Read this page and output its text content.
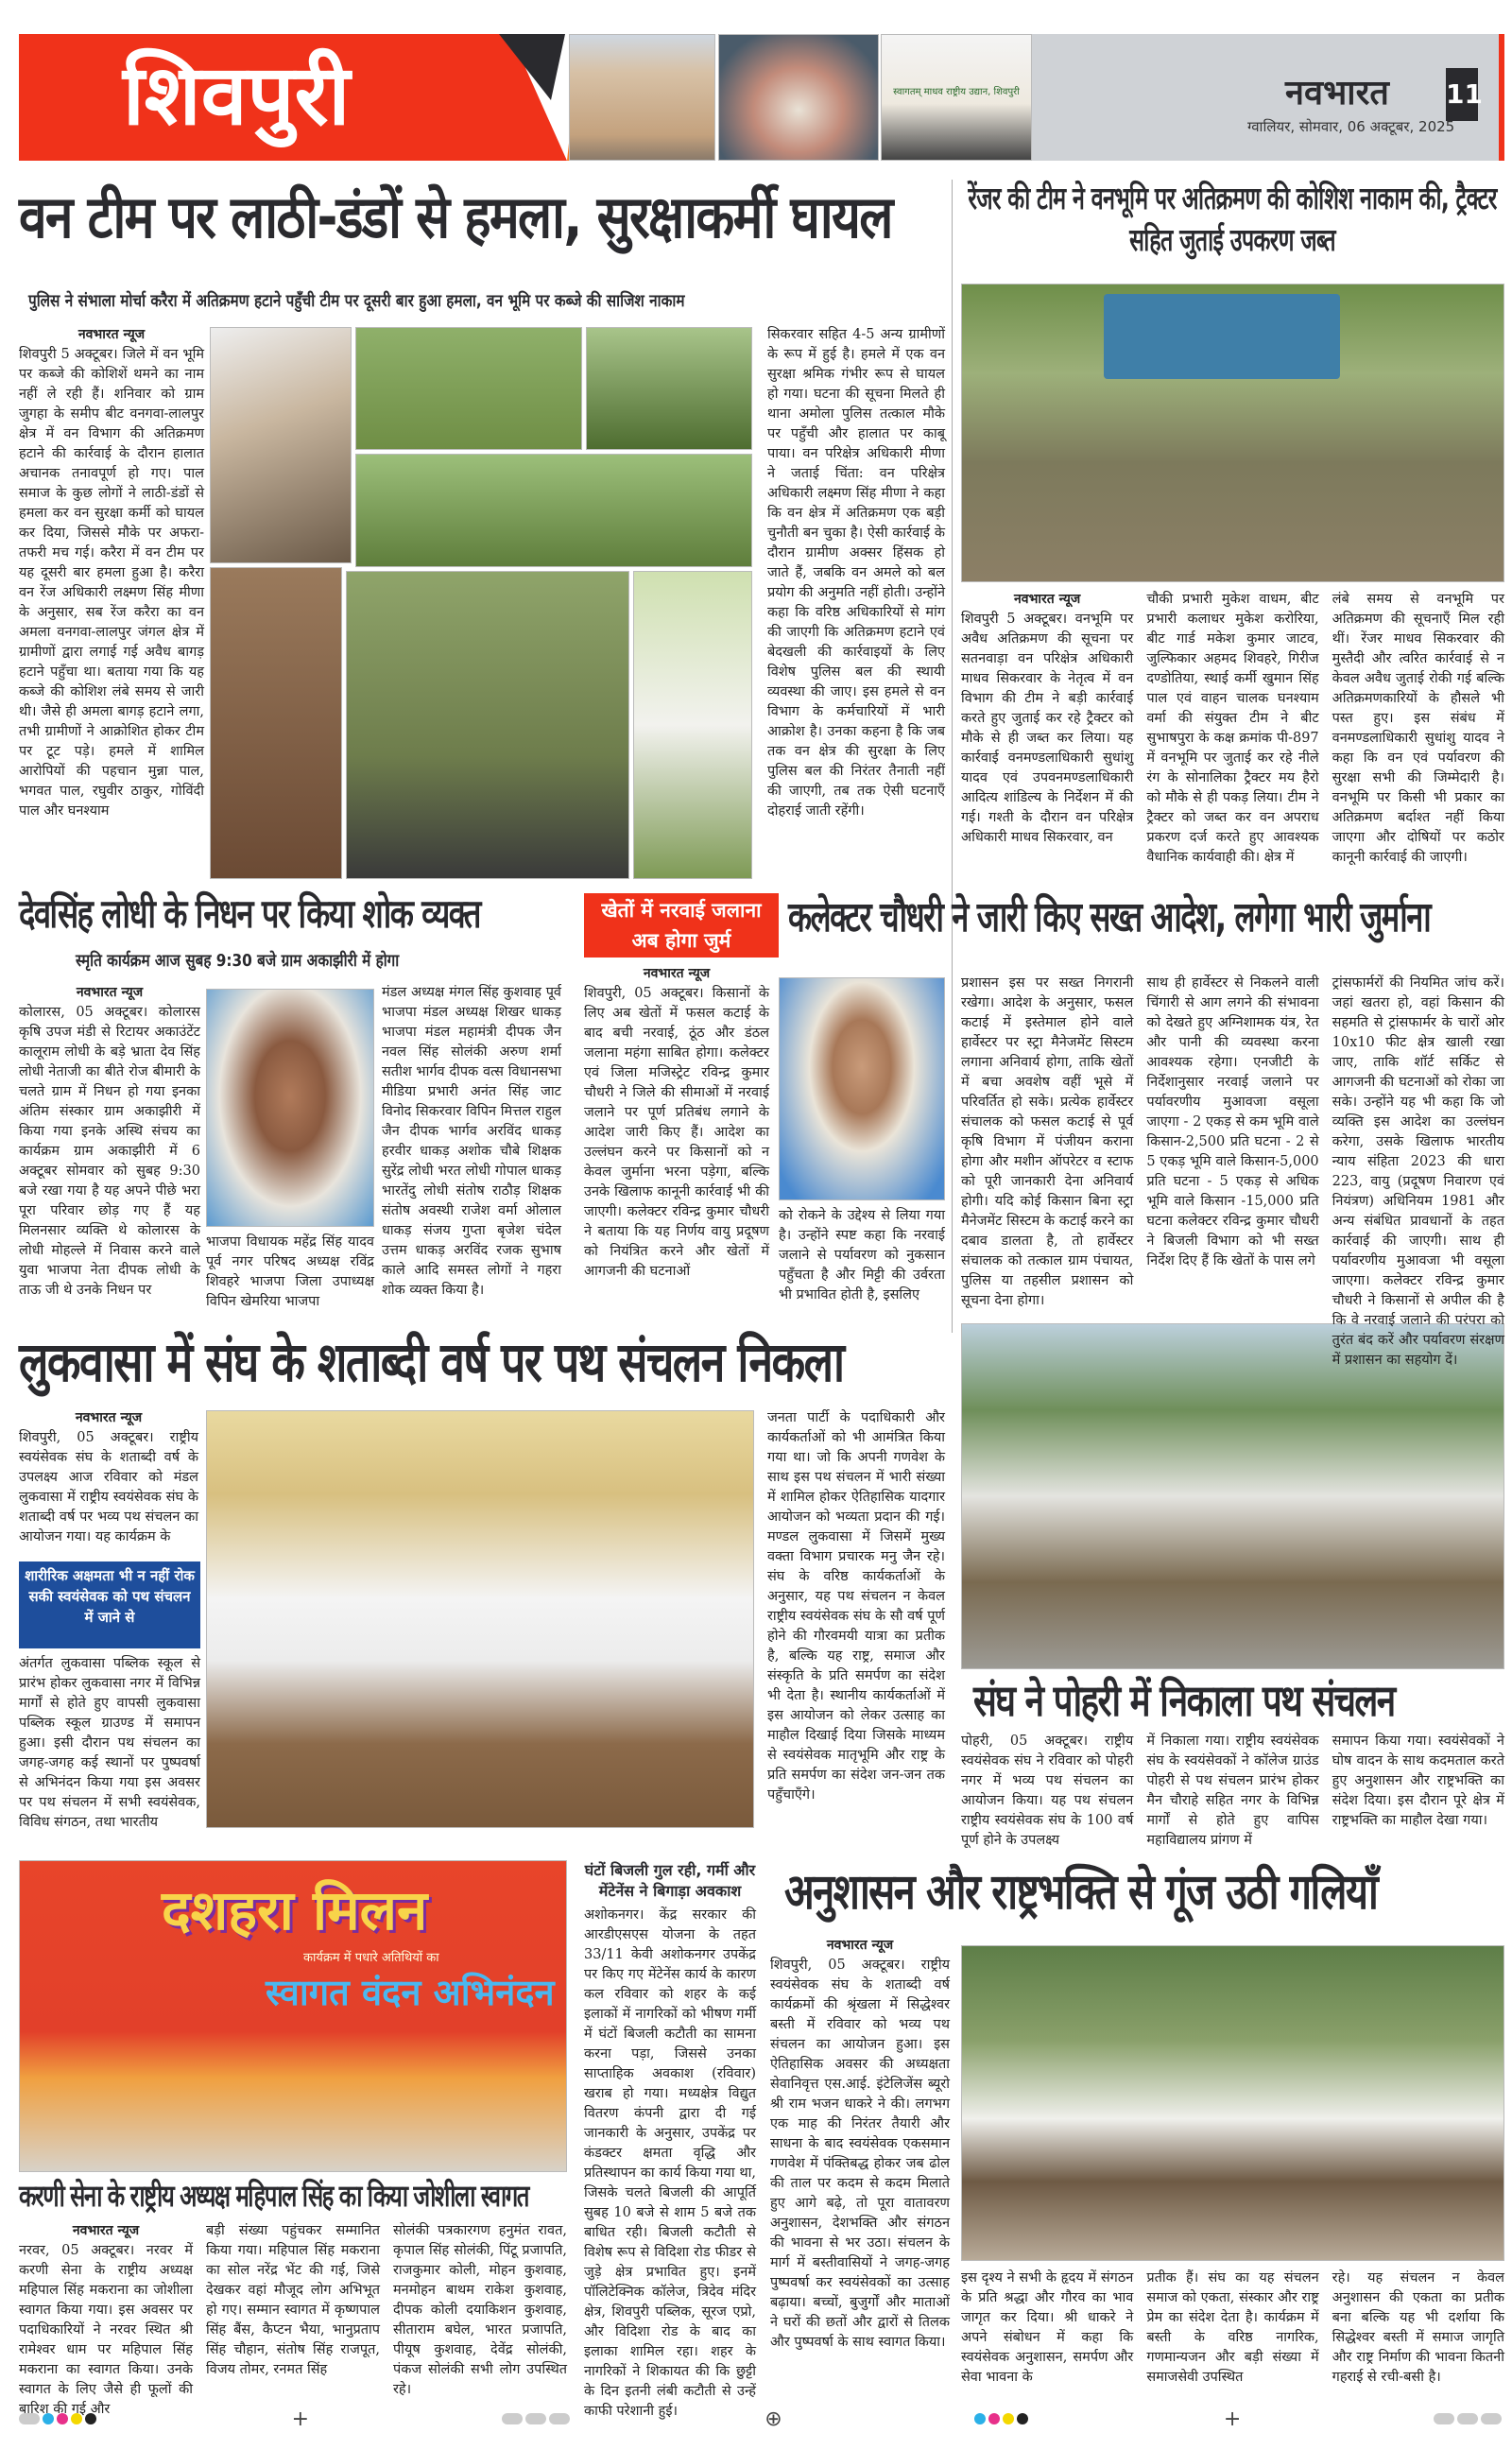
शिवपुरी	स्वागतम् माधव राष्ट्रीय उद्यान, शिवपुरी	नवभारत 11
ग्वालियर, सोमवार, 06 अक्टूबर, 2025
वन टीम पर लाठी-डंडों से हमला, सुरक्षाकर्मी घायल
पुलिस ने संभाला मोर्चा करैरा में अतिक्रमण हटाने पहुँची टीम पर दूसरी बार हुआ हमला, वन भूमि पर कब्जे की साजिश नाकाम
नवभारत न्यूज
शिवपुरी 5 अक्टूबर। जिले में वन भूमि पर कब्जे की कोशिशें थमने का नाम नहीं ले रही हैं। शनिवार को ग्राम जुगहा के समीप बीट वनगवा-लालपुर क्षेत्र में वन विभाग की अतिक्रमण हटाने की कार्रवाई के दौरान हालात अचानक तनावपूर्ण हो गए। पाल समाज के कुछ लोगों ने लाठी-डंडों से हमला कर वन सुरक्षा कर्मी को घायल कर दिया, जिससे मौके पर अफरा-तफरी मच गई। करैरा में वन टीम पर यह दूसरी बार हमला हुआ है। करैरा वन रेंज अधिकारी लक्ष्मण सिंह मीणा के अनुसार, सब रेंज करैरा का वन अमला वनगवा-लालपुर जंगल क्षेत्र में ग्रामीणों द्वारा लगाई गई अवैध बागड़ हटाने पहुँचा था। बताया गया कि यह कब्जे की कोशिश लंबे समय से जारी थी। जैसे ही अमला बागड़ हटाने लगा, तभी ग्रामीणों ने आक्रोशित होकर टीम पर टूट पड़े। हमले में शामिल आरोपियों की पहचान मुन्ना पाल, भगवत पाल, रघुवीर ठाकुर, गोविंदी पाल और घनश्याम
सिकरवार सहित 4-5 अन्य ग्रामीणों के रूप में हुई है। हमले में एक वन सुरक्षा श्रमिक गंभीर रूप से घायल हो गया। घटना की सूचना मिलते ही थाना अमोला पुलिस तत्काल मौके पर पहुँची और हालात पर काबू पाया। वन परिक्षेत्र अधिकारी मीणा ने जताई चिंता: वन परिक्षेत्र अधिकारी लक्ष्मण सिंह मीणा ने कहा कि वन क्षेत्र में अतिक्रमण एक बड़ी चुनौती बन चुका है। ऐसी कार्रवाई के दौरान ग्रामीण अक्सर हिंसक हो जाते हैं, जबकि वन अमले को बल प्रयोग की अनुमति नहीं होती। उन्होंने कहा कि वरिष्ठ अधिकारियों से मांग की जाएगी कि अतिक्रमण हटाने एवं बेदखली की कार्रवाइयों के लिए विशेष पुलिस बल की स्थायी व्यवस्था की जाए। इस हमले से वन विभाग के कर्मचारियों में भारी आक्रोश है। उनका कहना है कि जब तक वन क्षेत्र की सुरक्षा के लिए पुलिस बल की निरंतर तैनाती नहीं की जाएगी, तब तक ऐसी घटनाएँ दोहराई जाती रहेंगी।
रेंजर की टीम ने वनभूमि पर अतिक्रमण की कोशिश नाकाम की, ट्रैक्टर सहित जुताई उपकरण जब्त
नवभारत न्यूज
शिवपुरी 5 अक्टूबर। वनभूमि पर अवैध अतिक्रमण की सूचना पर सतनवाड़ा वन परिक्षेत्र अधिकारी माधव सिकरवार के नेतृत्व में वन विभाग की टीम ने बड़ी कार्रवाई करते हुए जुताई कर रहे ट्रैक्टर को मौके से ही जब्त कर लिया। यह कार्रवाई वनमण्डलाधिकारी सुधांशु यादव एवं उपवनमण्डलाधिकारी आदित्य शांडिल्य के निर्देशन में की गई। गश्ती के दौरान वन परिक्षेत्र अधिकारी माधव सिकरवार, वन
चौकी प्रभारी मुकेश वाधम, बीट प्रभारी कलाधर मुकेश करोरिया, बीट गार्ड मकेश कुमार जाटव, जुल्फिकार अहमद शिवहरे, गिरीज दण्डोतिया, स्थाई कर्मी खुमान सिंह पाल एवं वाहन चालक घनश्याम वर्मा की संयुक्त टीम ने बीट सुभाषपुरा के कक्ष क्रमांक पी-897 में वनभूमि पर जुताई कर रहे नीले रंग के सोनालिका ट्रैक्टर मय हैरो को मौके से ही पकड़ लिया। टीम ने ट्रैक्टर को जब्त कर वन अपराध प्रकरण दर्ज करते हुए आवश्यक वैधानिक कार्यवाही की। क्षेत्र में
लंबे समय से वनभूमि पर अतिक्रमण की सूचनाएँ मिल रही थीं। रेंजर माधव सिकरवार की मुस्तैदी और त्वरित कार्रवाई से न केवल अवैध जुताई रोकी गई बल्कि अतिक्रमणकारियों के हौसले भी पस्त हुए। इस संबंध में वनमण्डलाधिकारी सुधांशु यादव ने कहा कि वन एवं पर्यावरण की सुरक्षा सभी की जिम्मेदारी है। वनभूमि पर किसी भी प्रकार का अतिक्रमण बर्दाश्त नहीं किया जाएगा और दोषियों पर कठोर कानूनी कार्रवाई की जाएगी।
देवसिंह लोधी के निधन पर किया शोक व्यक्त
स्मृति कार्यक्रम आज सुबह 9:30 बजे ग्राम अकाझीरी में होगा
नवभारत न्यूज
कोलारस, 05 अक्टूबर। कोलारस कृषि उपज मंडी से रिटायर अकाउंटेंट कालूराम लोधी के बड़े भ्राता देव सिंह लोधी नेताजी का बीते रोज बीमारी के चलते ग्राम में निधन हो गया इनका अंतिम संस्कार ग्राम अकाझीरी में किया गया इनके अस्थि संचय का कार्यक्रम ग्राम अकाझीरी में 6 अक्टूबर सोमवार को सुबह 9:30 बजे रखा गया है यह अपने पीछे भरा पूरा परिवार छोड़ गए हैं यह मिलनसार व्यक्ति थे कोलारस के लोधी मोहल्ले में निवास करने वाले युवा भाजपा नेता दीपक लोधी के ताऊ जी थे उनके निधन पर
भाजपा विधायक महेंद्र सिंह यादव पूर्व नगर परिषद अध्यक्ष रविंद्र शिवहरे भाजपा जिला उपाध्यक्ष विपिन खेमरिया भाजपा
मंडल अध्यक्ष मंगल सिंह कुशवाह पूर्व भाजपा मंडल अध्यक्ष शिखर धाकड़ भाजपा मंडल महामंत्री दीपक जैन नवल सिंह सोलंकी अरुण शर्मा सतीश भार्गव दीपक वत्स विधानसभा मीडिया प्रभारी अनंत सिंह जाट विनोद सिकरवार विपिन मित्तल राहुल जैन दीपक भार्गव अरविंद धाकड़ हरवीर धाकड़ अशोक चौबे शिक्षक सुरेंद्र लोधी भरत लोधी गोपाल धाकड़ भारतेंदु लोधी संतोष राठौड़ शिक्षक संतोष अवस्थी राजेश वर्मा ओलाल धाकड़ संजय गुप्ता बृजेश चंदेल उत्तम धाकड़ अरविंद रजक सुभाष काले आदि समस्त लोगों ने गहरा शोक व्यक्त किया है।
खेतों में नरवाई जलाना अब होगा जुर्म	कलेक्टर चौधरी ने जारी किए सख्त आदेश, लगेगा भारी जुर्माना
नवभारत न्यूज
शिवपुरी, 05 अक्टूबर। किसानों के लिए अब खेतों में फसल कटाई के बाद बची नरवाई, ठूंठ और डंठल जलाना महंगा साबित होगा। कलेक्टर एवं जिला मजिस्ट्रेट रविन्द्र कुमार चौधरी ने जिले की सीमाओं में नरवाई जलाने पर पूर्ण प्रतिबंध लगाने के आदेश जारी किए हैं। आदेश का उल्लंघन करने पर किसानों को न केवल जुर्माना भरना पड़ेगा, बल्कि उनके खिलाफ कानूनी कार्रवाई भी की जाएगी। कलेक्टर रविन्द्र कुमार चौधरी ने बताया कि यह निर्णय वायु प्रदूषण को नियंत्रित करने और खेतों में आगजनी की घटनाओं
को रोकने के उद्देश्य से लिया गया है। उन्होंने स्पष्ट कहा कि नरवाई जलाने से पर्यावरण को नुकसान पहुँचता है और मिट्टी की उर्वरता भी प्रभावित होती है, इसलिए
प्रशासन इस पर सख्त निगरानी रखेगा। आदेश के अनुसार, फसल कटाई में इस्तेमाल होने वाले हार्वेस्टर पर स्ट्रा मैनेजमेंट सिस्टम लगाना अनिवार्य होगा, ताकि खेतों में बचा अवशेष वहीं भूसे में परिवर्तित हो सके। प्रत्येक हार्वेस्टर संचालक को फसल कटाई से पूर्व कृषि विभाग में पंजीयन कराना होगा और मशीन ऑपरेटर व स्टाफ को पूरी जानकारी देना अनिवार्य होगी। यदि कोई किसान बिना स्ट्रा मैनेजमेंट सिस्टम के कटाई करने का दबाव डालता है, तो हार्वेस्टर संचालक को तत्काल ग्राम पंचायत, पुलिस या तहसील प्रशासन को सूचना देना होगा।
साथ ही हार्वेस्टर से निकलने वाली चिंगारी से आग लगने की संभावना को देखते हुए अग्निशामक यंत्र, रेत और पानी की व्यवस्था करना आवश्यक रहेगा। एनजीटी के निर्देशानुसार नरवाई जलाने पर पर्यावरणीय मुआवजा वसूला जाएगा - 2 एकड़ से कम भूमि वाले किसान-2,500 प्रति घटना - 2 से 5 एकड़ भूमि वाले किसान-5,000 प्रति घटना - 5 एकड़ से अधिक भूमि वाले किसान -15,000 प्रति घटना कलेक्टर रविन्द्र कुमार चौधरी ने बिजली विभाग को भी सख्त निर्देश दिए हैं कि खेतों के पास लगे
ट्रांसफार्मरों की नियमित जांच करें। जहां खतरा हो, वहां किसान की सहमति से ट्रांसफार्मर के चारों ओर 10x10 फीट क्षेत्र खाली रखा जाए, ताकि शॉर्ट सर्किट से आगजनी की घटनाओं को रोका जा सके। उन्होंने यह भी कहा कि जो व्यक्ति इस आदेश का उल्लंघन करेगा, उसके खिलाफ भारतीय न्याय संहिता 2023 की धारा 223, वायु (प्रदूषण निवारण एवं नियंत्रण) अधिनियम 1981 और अन्य संबंधित प्रावधानों के तहत कार्रवाई की जाएगी। साथ ही पर्यावरणीय मुआवजा भी वसूला जाएगा। कलेक्टर रविन्द्र कुमार चौधरी ने किसानों से अपील की है कि वे नरवाई जलाने की परंपरा को तुरंत बंद करें और पर्यावरण संरक्षण में प्रशासन का सहयोग दें।
लुकवासा में संघ के शताब्दी वर्ष पर पथ संचलन निकला
नवभारत न्यूज
शिवपुरी, 05 अक्टूबर। राष्ट्रीय स्वयंसेवक संघ के शताब्दी वर्ष के उपलक्ष्य आज रविवार को मंडल लुकवासा में राष्ट्रीय स्वयंसेवक संघ के शताब्दी वर्ष पर भव्य पथ संचलन का आयोजन गया। यह कार्यक्रम के
शारीरिक अक्षमता भी न नहीं रोक सकी स्वयंसेवक को पथ संचलन में जाने से
अंतर्गत लुकवासा पब्लिक स्कूल से प्रारंभ होकर लुकवासा नगर में विभिन्न मार्गों से होते हुए वापसी लुकवासा पब्लिक स्कूल ग्राउण्ड में समापन हुआ। इसी दौरान पथ संचलन का जगह-जगह कई स्थानों पर पुष्पवर्षा से अभिनंदन किया गया इस अवसर पर पथ संचलन में सभी स्वयंसेवक, विविध संगठन, तथा भारतीय
जनता पार्टी के पदाधिकारी और कार्यकर्ताओं को भी आमंत्रित किया गया था। जो कि अपनी गणवेश के साथ इस पथ संचलन में भारी संख्या में शामिल होकर ऐतिहासिक यादगार आयोजन को भव्यता प्रदान की गई। मण्डल लुकवासा में जिसमें मुख्य वक्ता विभाग प्रचारक मनु जैन रहे। संघ के वरिष्ठ कार्यकर्ताओं के अनुसार, यह पथ संचलन न केवल राष्ट्रीय स्वयंसेवक संघ के सौ वर्ष पूर्ण होने की गौरवमयी यात्रा का प्रतीक है, बल्कि यह राष्ट्र, समाज और संस्कृति के प्रति समर्पण का संदेश भी देता है। स्थानीय कार्यकर्ताओं में इस आयोजन को लेकर उत्साह का माहौल दिखाई दिया जिसके माध्यम से स्वयंसेवक मातृभूमि और राष्ट्र के प्रति समर्पण का संदेश जन-जन तक पहुँचाएँगे।
संघ ने पोहरी में निकाला पथ संचलन
पोहरी, 05 अक्टूबर। राष्ट्रीय स्वयंसेवक संघ ने रविवार को पोहरी नगर में भव्य पथ संचलन का आयोजन किया। यह पथ संचलन राष्ट्रीय स्वयंसेवक संघ के 100 वर्ष पूर्ण होने के उपलक्ष्य
में निकाला गया। राष्ट्रीय स्वयंसेवक संघ के स्वयंसेवकों ने कॉलेज ग्राउंड पोहरी से पथ संचलन प्रारंभ होकर मैन चौराहे सहित नगर के विभिन्न मार्गों से होते हुए वापिस महाविद्यालय प्रांगण में
समापन किया गया। स्वयंसेवकों ने घोष वादन के साथ कदमताल करते हुए अनुशासन और राष्ट्रभक्ति का संदेश दिया। इस दौरान पूरे क्षेत्र में राष्ट्रभक्ति का माहौल देखा गया।
दशहरा मिलन
कार्यक्रम में पधारे अतिथियों का
स्वागत वंदन अभिनंदन
करणी सेना के राष्ट्रीय अध्यक्ष महिपाल सिंह का किया जोशीला स्वागत
नवभारत न्यूज
नरवर, 05 अक्टूबर। नरवर में करणी सेना के राष्ट्रीय अध्यक्ष महिपाल सिंह मकराना का जोशीला स्वागत किया गया। इस अवसर पर पदाधिकारियों ने नरवर स्थित श्री रामेश्वर धाम पर महिपाल सिंह मकराना का स्वागत किया। उनके स्वागत के लिए जैसे ही फूलों की बारिश की गई और
बड़ी संख्या पहुंचकर सम्मानित किया गया। महिपाल सिंह मकराना का सोल नरेंद्र भेंट की गई, जिसे देखकर वहां मौजूद लोग अभिभूत हो गए। सम्मान स्वागत में कृष्णपाल सिंह बैंस, कैप्टन भैया, भानुप्रताप सिंह चौहान, संतोष सिंह राजपूत, विजय तोमर, रनमत सिंह
सोलंकी पत्रकारगण हनुमंत रावत, कृपाल सिंह सोलंकी, पिंटू प्रजापति, राजकुमार कोली, मोहन कुशवाह, मनमोहन बाथम राकेश कुशवाह, दीपक कोली दयाकिशन कुशवाह, सीताराम बघेल, भारत प्रजापति, पीयूष कुशवाह, देवेंद्र सोलंकी, पंकज सोलंकी सभी लोग उपस्थित रहे।
घंटों बिजली गुल रही, गर्मी और मेंटेनेंस ने बिगाड़ा अवकाश
अशोकनगर। केंद्र सरकार की आरडीएसएस योजना के तहत 33/11 केवी अशोकनगर उपकेंद्र पर किए गए मेंटेनेंस कार्य के कारण कल रविवार को शहर के कई इलाकों में नागरिकों को भीषण गर्मी में घंटों बिजली कटौती का सामना करना पड़ा, जिससे उनका साप्ताहिक अवकाश (रविवार) खराब हो गया। मध्यक्षेत्र विद्युत वितरण कंपनी द्वारा दी गई जानकारी के अनुसार, उपकेंद्र पर कंडक्टर क्षमता वृद्धि और प्रतिस्थापन का कार्य किया गया था, जिसके चलते बिजली की आपूर्ति सुबह 10 बजे से शाम 5 बजे तक बाधित रही। बिजली कटौती से विशेष रूप से विदिशा रोड फीडर से जुड़े क्षेत्र प्रभावित हुए। इनमें पॉलिटेक्निक कॉलेज, त्रिदेव मंदिर क्षेत्र, शिवपुरी पब्लिक, सूरज एप्रो, और विदिशा रोड के बाद का इलाका शामिल रहा। शहर के नागरिकों ने शिकायत की कि छुट्टी के दिन इतनी लंबी कटौती से उन्हें काफी परेशानी हुई।
अनुशासन और राष्ट्रभक्ति से गूंज उठी गलियाँ
नवभारत न्यूज
शिवपुरी, 05 अक्टूबर। राष्ट्रीय स्वयंसेवक संघ के शताब्दी वर्ष कार्यक्रमों की श्रृंखला में सिद्धेश्वर बस्ती में रविवार को भव्य पथ संचलन का आयोजन हुआ। इस ऐतिहासिक अवसर की अध्यक्षता सेवानिवृत्त एस.आई. इंटेलिजेंस ब्यूरो श्री राम भजन धाकरे ने की। लगभग एक माह की निरंतर तैयारी और साधना के बाद स्वयंसेवक एकसमान गणवेश में पंक्तिबद्ध होकर जब ढोल की ताल पर कदम से कदम मिलाते हुए आगे बढ़े, तो पूरा वातावरण अनुशासन, देशभक्ति और संगठन की भावना से भर उठा। संचलन के मार्ग में बस्तीवासियों ने जगह-जगह पुष्पवर्षा कर स्वयंसेवकों का उत्साह बढ़ाया। बच्चों, बुजुर्गों और माताओं ने घरों की छतों और द्वारों से तिलक और पुष्पवर्षा के साथ स्वागत किया।
इस दृश्य ने सभी के हृदय में संगठन के प्रति श्रद्धा और गौरव का भाव जागृत कर दिया। श्री धाकरे ने अपने संबोधन में कहा कि स्वयंसेवक अनुशासन, समर्पण और सेवा भावना के
प्रतीक हैं। संघ का यह संचलन समाज को एकता, संस्कार और राष्ट्र प्रेम का संदेश देता है। कार्यक्रम में बस्ती के वरिष्ठ नागरिक, गणमान्यजन और बड़ी संख्या में समाजसेवी उपस्थित
रहे। यह संचलन न केवल अनुशासन की एकता का प्रतीक बना बल्कि यह भी दर्शाया कि सिद्धेश्वर बस्ती में समाज जागृति और राष्ट्र निर्माण की भावना कितनी गहराई से रची-बसी है।
+	⊕	+
